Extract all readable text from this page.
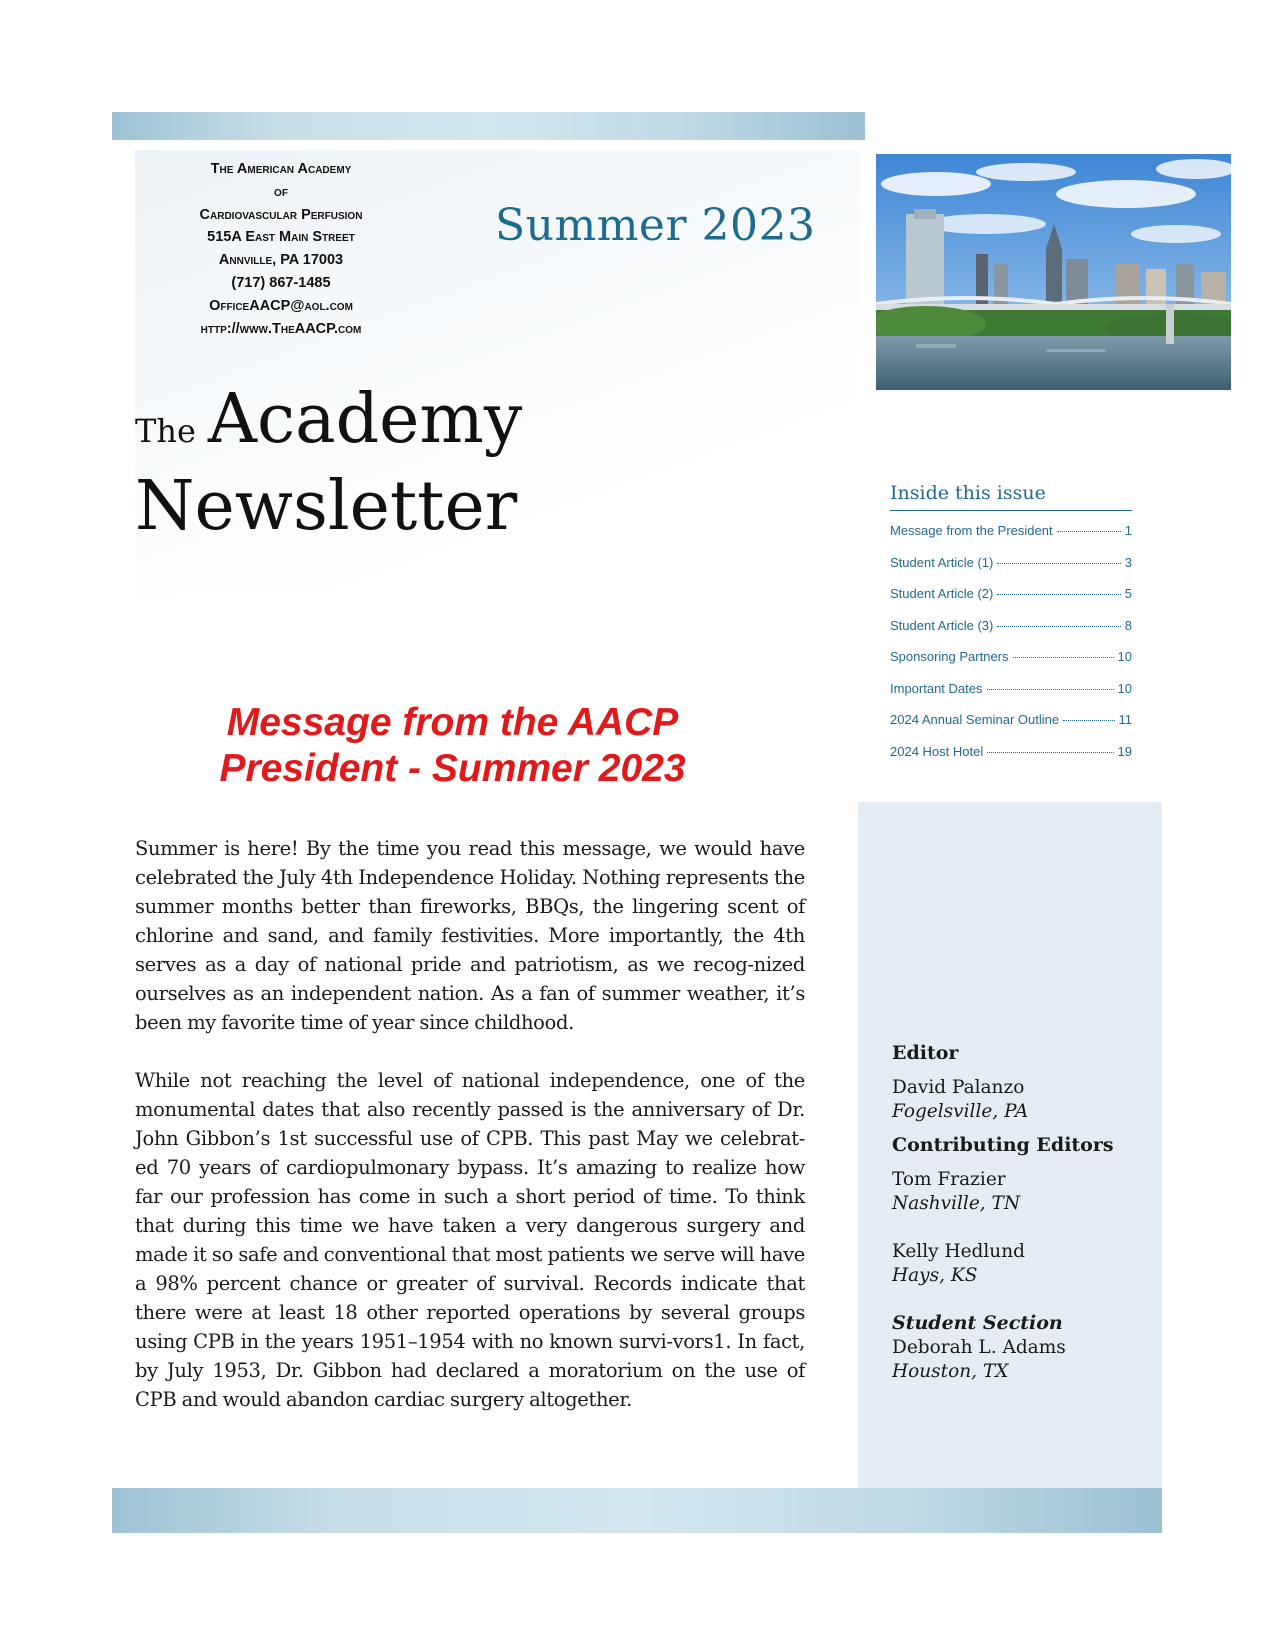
The American Academy
of
Cardiovascular Perfusion
515A East Main Street
Annville, PA 17003
(717) 867-1485
OfficeAACP@aol.com
http://www.TheAACP.com
Summer 2023
The Academy
Newsletter	Inside this issue
Message from the President	1
Student Article (1)	3
Student Article (2)	5
Student Article (3)	8
Sponsoring Partners	10
Important Dates	10
2024 Annual Seminar Outline	11
2024 Host Hotel	19
Message from the AACP
President - Summer 2023

Summer is here! By the time you read this message, we would have celebrated the July 4th Independence Holiday. Nothing represents the summer months better than fireworks, BBQs, the lingering scent of chlorine and sand, and family festivities. More importantly, the 4th serves as a day of national pride and patriotism, as we recog-nized ourselves as an independent nation. As a fan of summer weather, it’s been my favorite time of year since childhood.

While not reaching the level of national independence, one of the monumental dates that also recently passed is the anniversary of Dr. John Gibbon’s 1st successful use of CPB. This past May we celebrat-ed 70 years of cardiopulmonary bypass. It’s amazing to realize how far our profession has come in such a short period of time. To think that during this time we have taken a very dangerous surgery and made it so safe and conventional that most patients we serve will have a 98% percent chance or greater of survival. Records indicate that there were at least 18 other reported operations by several groups using CPB in the years 1951–1954 with no known survi-vors1. In fact, by July 1953, Dr. Gibbon had declared a moratorium on the use of CPB and would abandon cardiac surgery altogether.

Editor
David Palanzo
Fogelsville, PA
Contributing Editors
Tom Frazier
Nashville, TN
Kelly Hedlund
Hays, KS
Student Section
Deborah L. Adams
Houston, TX
